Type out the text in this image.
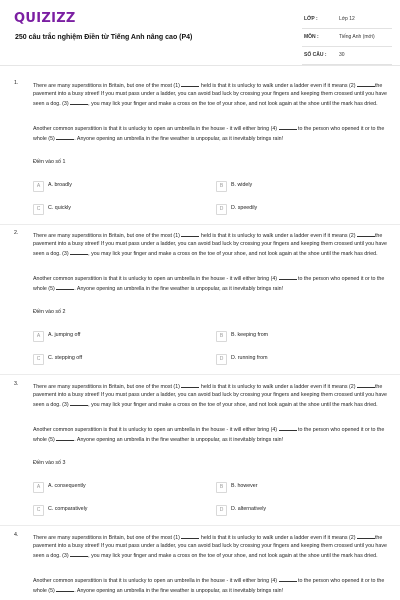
QUIZIZZ
250 câu trắc nghiệm Điền từ Tiếng Anh nâng cao (P4)
LỚP :	Lớp 12
MÔN :	Tiếng Anh (mới)
SỐ CÂU :	30
1.	There are many superstitions in Britain, but one of the most (1)	held is that it is unlucky to walk under a ladder even if it means (2)	the pavement into a busy street! If you must pass under a ladder, you can avoid bad luck by crossing your fingers and keeping them crossed until you have seen a dog. (3)	, you may lick your finger and make a cross on the toe of your shoe, and not look again at the shoe until the mark has dried.

Another common superstition is that it is unlucky to open an umbrella in the house - it will either bring (4)	to the person who opened it or to the whole (5)	. Anyone opening an umbrella in the fine weather is unpopular, as it inevitably brings rain!

Điền vào số 1
A	A. broadly	B	B. widely
C	C. quickly	D	D. speedily
2.	There are many superstitions in Britain, but one of the most (1)	held is that it is unlucky to walk under a ladder even if it means (2)	the pavement into a busy street! If you must pass under a ladder, you can avoid bad luck by crossing your fingers and keeping them crossed until you have seen a dog. (3)	, you may lick your finger and make a cross on the toe of your shoe, and not look again at the shoe until the mark has dried.

Another common superstition is that it is unlucky to open an umbrella in the house - it will either bring (4)	to the person who opened it or to the whole (5)	. Anyone opening an umbrella in the fine weather is unpopular, as it inevitably brings rain!

Điền vào số 2
A	A. jumping off	B	B. keeping from
C	C. stepping off	D	D. running from
3.	There are many superstitions in Britain, but one of the most (1)	held is that it is unlucky to walk under a ladder even if it means (2)	the pavement into a busy street! If you must pass under a ladder, you can avoid bad luck by crossing your fingers and keeping them crossed until you have seen a dog. (3)	, you may lick your finger and make a cross on the toe of your shoe, and not look again at the shoe until the mark has dried.

Another common superstition is that it is unlucky to open an umbrella in the house - it will either bring (4)	to the person who opened it or to the whole (5)	. Anyone opening an umbrella in the fine weather is unpopular, as it inevitably brings rain!

Điền vào số 3
A	A. consequently	B	B. however
C	C. comparatively	D	D. alternatively
4.	There are many superstitions in Britain, but one of the most (1)	held is that it is unlucky to walk under a ladder even if it means (2)	the pavement into a busy street! If you must pass under a ladder, you can avoid bad luck by crossing your fingers and keeping them crossed until you have seen a dog. (3)	, you may lick your finger and make a cross on the toe of your shoe, and not look again at the shoe until the mark has dried.

Another common superstition is that it is unlucky to open an umbrella in the house - it will either bring (4)	to the person who opened it or to the whole (5)	. Anyone opening an umbrella in the fine weather is unpopular, as it inevitably brings rain!
